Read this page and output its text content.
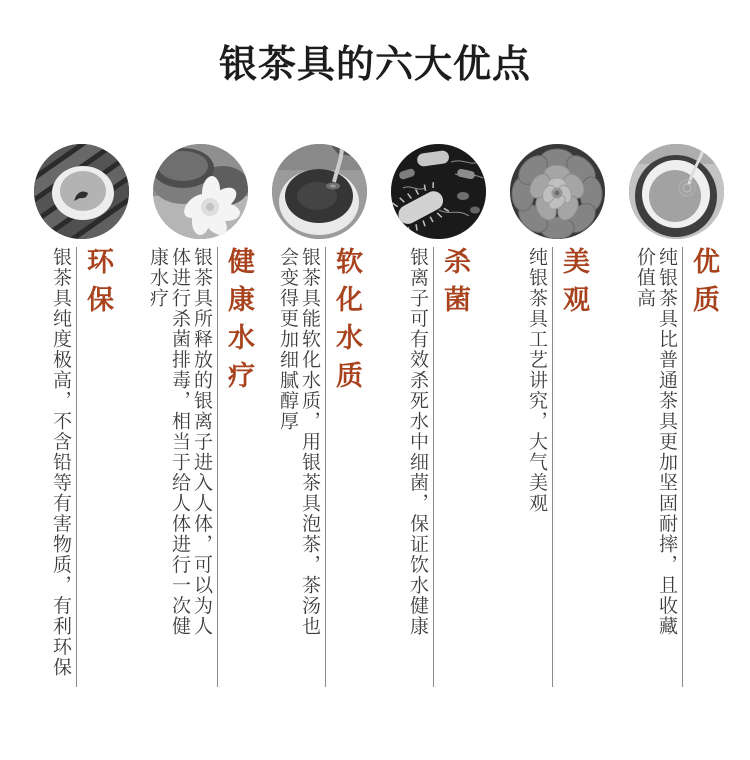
银茶具的六大优点
环保
银茶具纯度极高，不含铅等有害物质，有利环保	健康水疗
银茶具所释放的银离子进入人体，可以为人体进行杀菌排毒，相当于给人体进行一次健康水疗	软化水质
银茶具能软化水质，用银茶具泡茶，茶汤也会变得更加细腻醇厚	杀菌
银离子可有效杀死水中细菌，保证饮水健康	美观
纯银茶具工艺讲究，大气美观	优质
纯银茶具比普通茶具更加坚固耐摔，且收藏价值高
